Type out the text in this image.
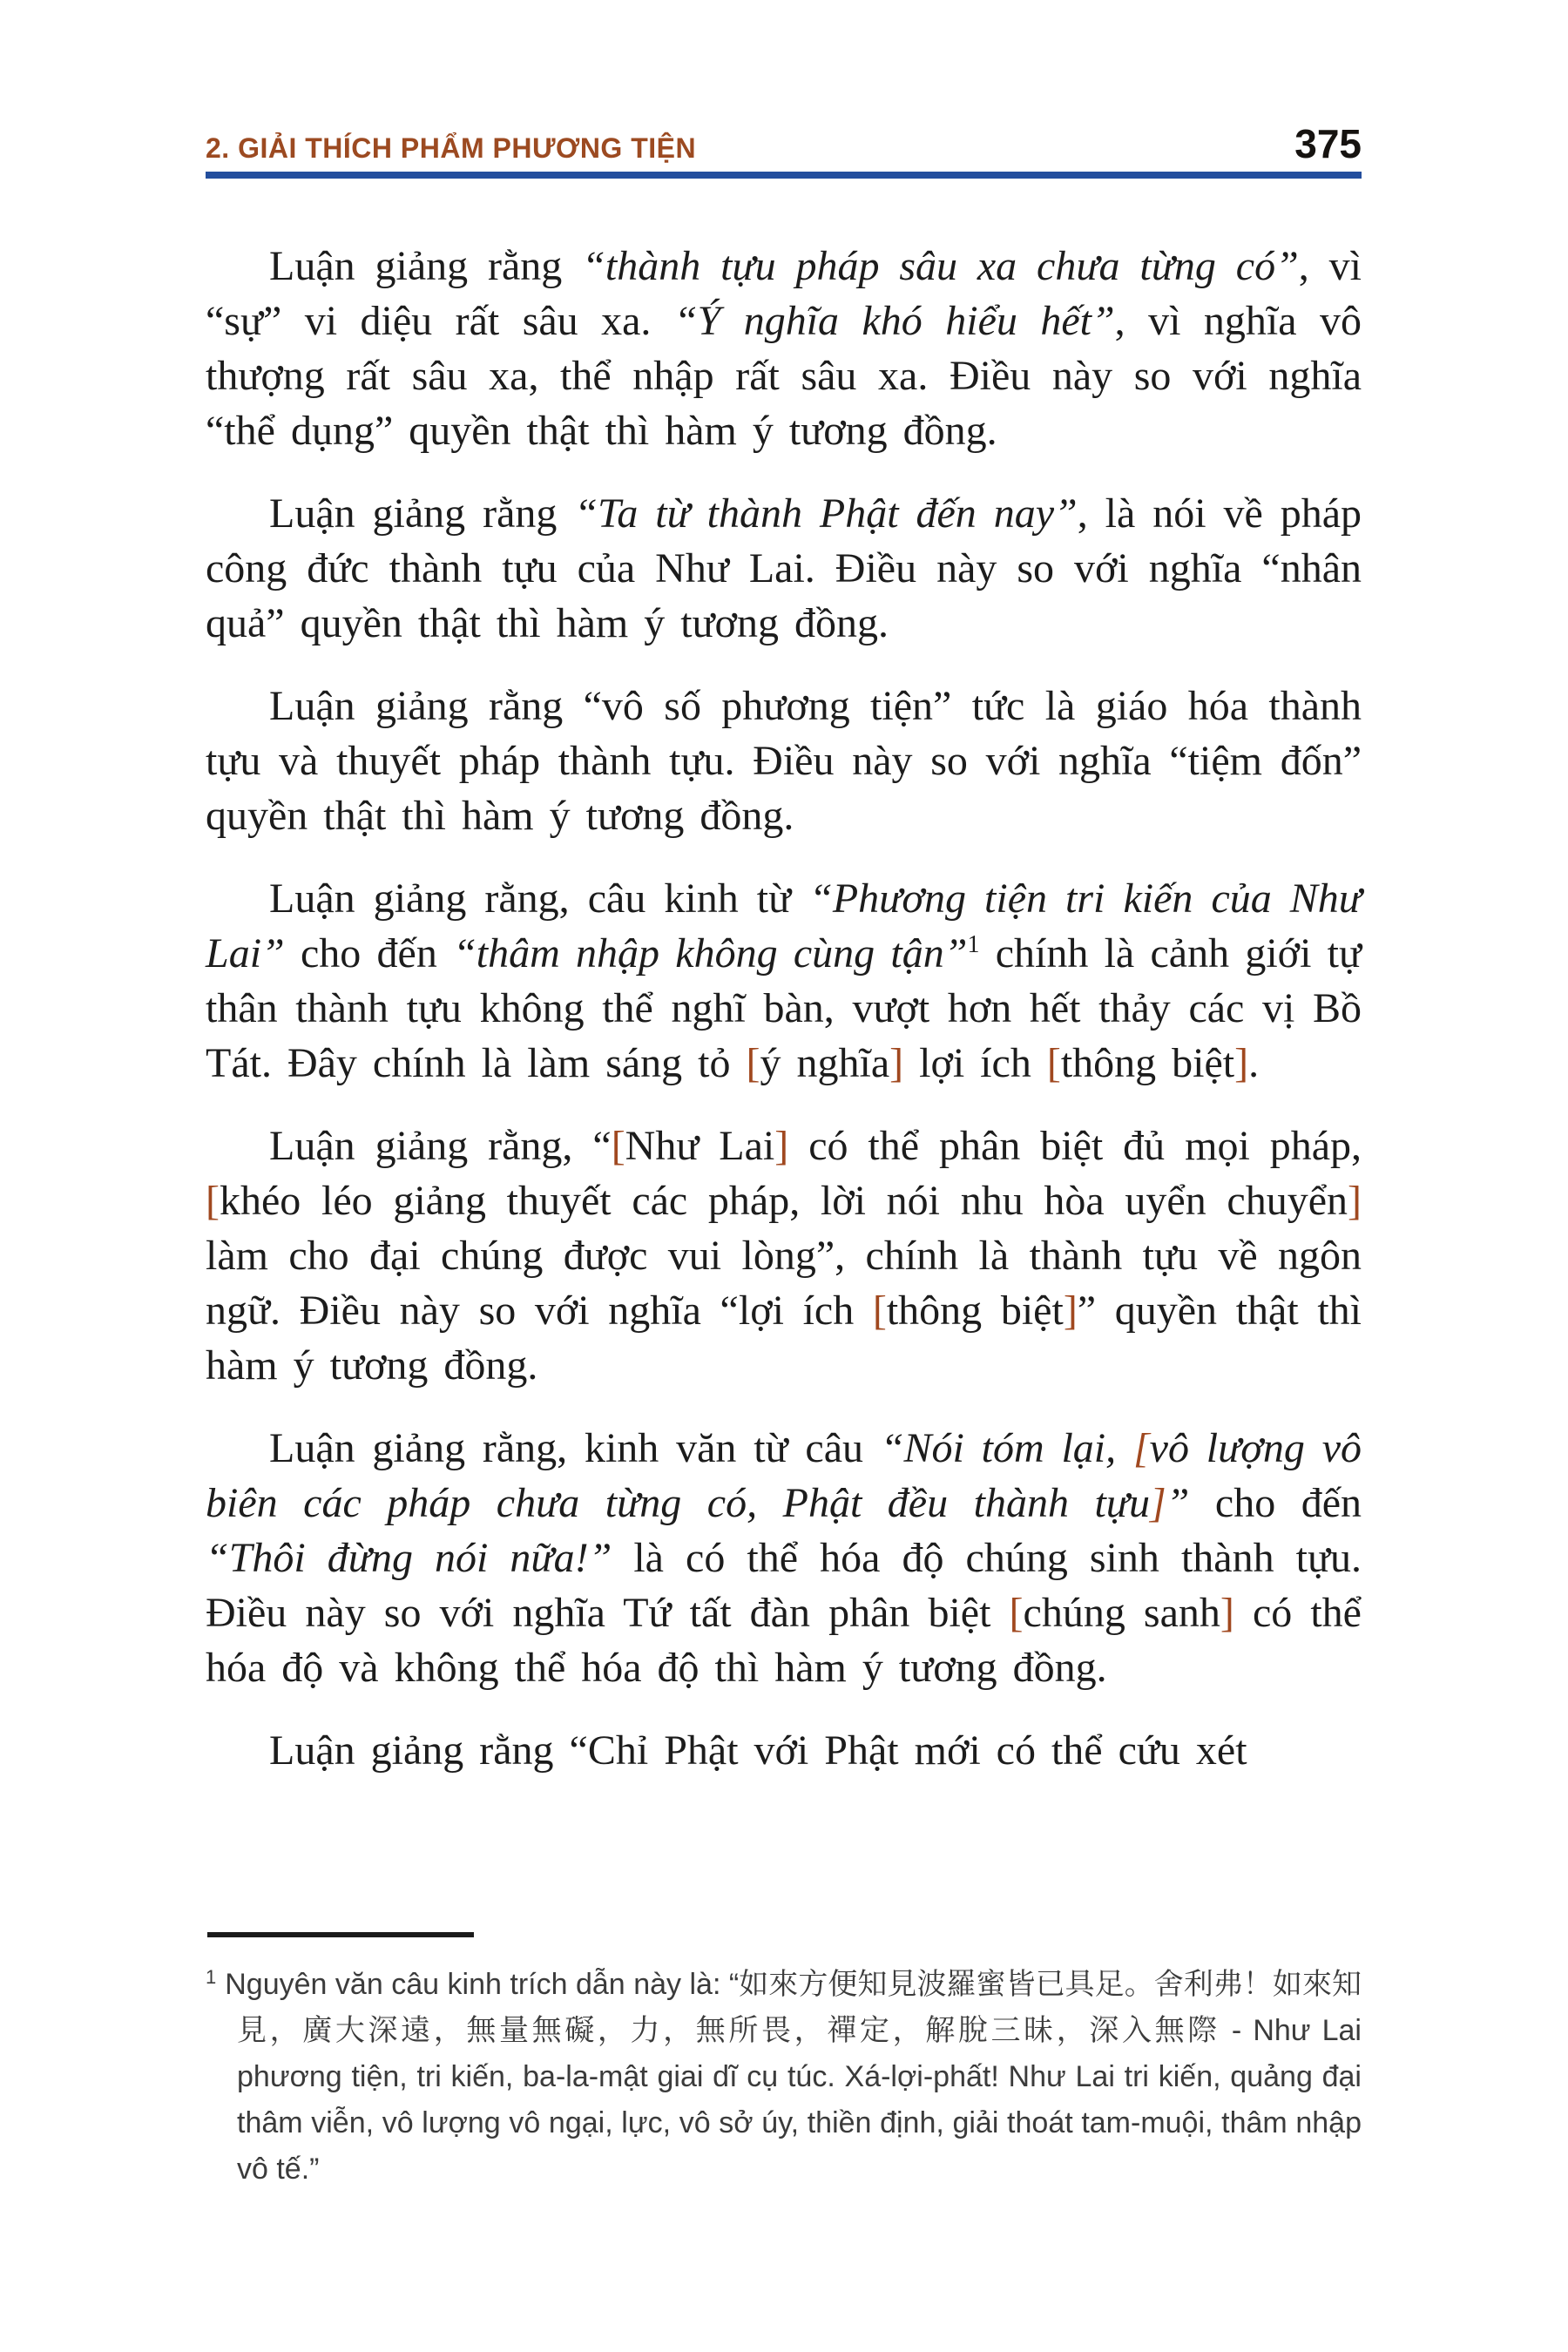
2. GIẢI THÍCH PHẨM PHƯƠNG TIỆN	375

Luận giảng rằng “thành tựu pháp sâu xa chưa từng có”, vì “sự” vi diệu rất sâu xa. “Ý nghĩa khó hiểu hết”, vì nghĩa vô thượng rất sâu xa, thể nhập rất sâu xa. Điều này so với nghĩa “thể dụng” quyền thật thì hàm ý tương đồng.

Luận giảng rằng “Ta từ thành Phật đến nay”, là nói về pháp công đức thành tựu của Như Lai. Điều này so với nghĩa “nhân quả” quyền thật thì hàm ý tương đồng.

Luận giảng rằng “vô số phương tiện” tức là giáo hóa thành tựu và thuyết pháp thành tựu. Điều này so với nghĩa “tiệm đốn” quyền thật thì hàm ý tương đồng.

Luận giảng rằng, câu kinh từ “Phương tiện tri kiến của Như Lai” cho đến “thâm nhập không cùng tận”$^1$ chính là cảnh giới tự thân thành tựu không thể nghĩ bàn, vượt hơn hết thảy các vị Bồ Tát. Đây chính là làm sáng tỏ [ý nghĩa] lợi ích [thông biệt].

Luận giảng rằng, “[Như Lai] có thể phân biệt đủ mọi pháp, [khéo léo giảng thuyết các pháp, lời nói nhu hòa uyển chuyển] làm cho đại chúng được vui lòng”, chính là thành tựu về ngôn ngữ. Điều này so với nghĩa “lợi ích [thông biệt]” quyền thật thì hàm ý tương đồng.

Luận giảng rằng, kinh văn từ câu “Nói tóm lại, [vô lượng vô biên các pháp chưa từng có, Phật đều thành tựu]” cho đến “Thôi đừng nói nữa!” là có thể hóa độ chúng sinh thành tựu. Điều này so với nghĩa Tứ tất đàn phân biệt [chúng sanh] có thể hóa độ và không thể hóa độ thì hàm ý tương đồng.

Luận giảng rằng “Chỉ Phật với Phật mới có thể cứu xét

$^1$ Nguyên văn câu kinh trích dẫn này là: “如來方便知見波羅蜜皆已具足。舍利弗！如來知見，廣大深遠，無量無礙，力，無所畏，禪定，解脫三昧，深入無際 - Như Lai phương tiện, tri kiến, ba-la-mật giai dĩ cụ túc. Xá-lợi-phất! Như Lai tri kiến, quảng đại thâm viễn, vô lượng vô ngại, lực, vô sở úy, thiền định, giải thoát tam-muội, thâm nhập vô tế.”
